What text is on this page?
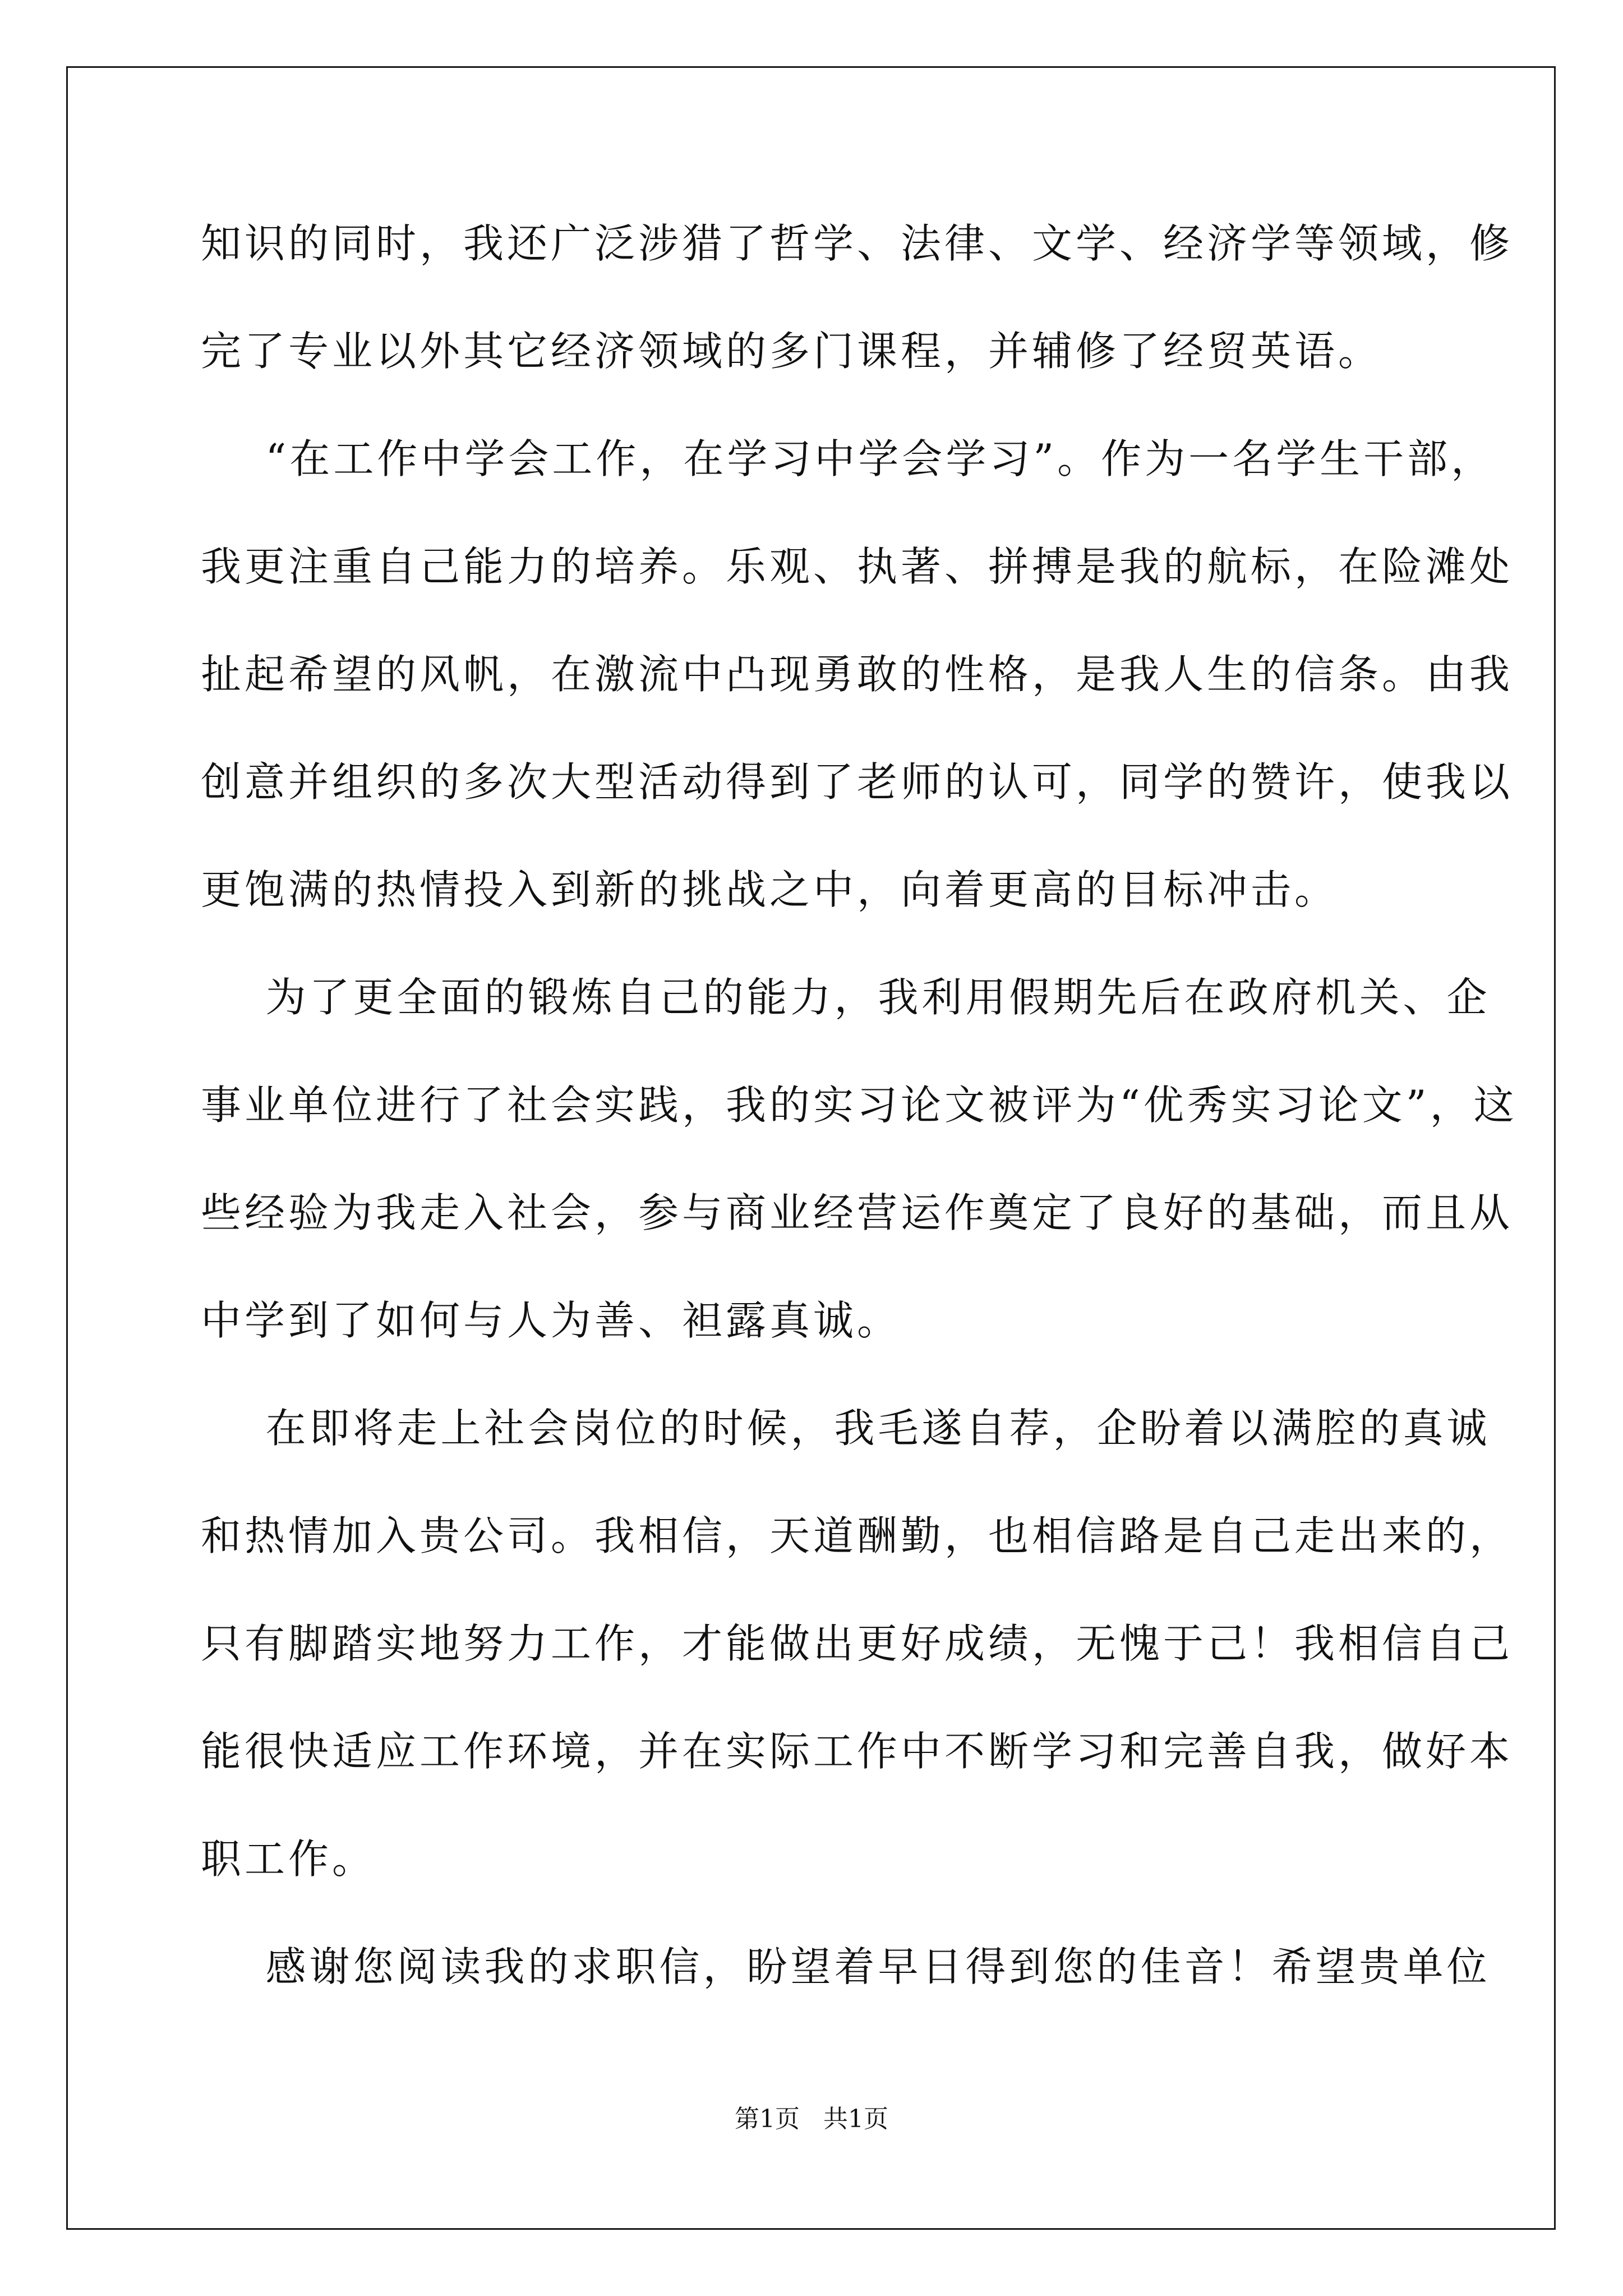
知识的同时，我还广泛涉猎了哲学、法律、文学、经济学等领域，修
完了专业以外其它经济领域的多门课程，并辅修了经贸英语。
“在工作中学会工作，在学习中学会学习”。作为一名学生干部，
我更注重自己能力的培养。乐观、执著、拼搏是我的航标，在险滩处
扯起希望的风帆，在激流中凸现勇敢的性格，是我人生的信条。由我
创意并组织的多次大型活动得到了老师的认可，同学的赞许，使我以
更饱满的热情投入到新的挑战之中，向着更高的目标冲击。
为了更全面的锻炼自己的能力，我利用假期先后在政府机关、企
事业单位进行了社会实践，我的实习论文被评为“优秀实习论文”，这
些经验为我走入社会，参与商业经营运作奠定了良好的基础，而且从
中学到了如何与人为善、袒露真诚。
在即将走上社会岗位的时候，我毛遂自荐，企盼着以满腔的真诚
和热情加入贵公司。我相信，天道酬勤，也相信路是自己走出来的，
只有脚踏实地努力工作，才能做出更好成绩，无愧于己！我相信自己
能很快适应工作环境，并在实际工作中不断学习和完善自我，做好本
职工作。
感谢您阅读我的求职信，盼望着早日得到您的佳音！希望贵单位
第1页   共1页
